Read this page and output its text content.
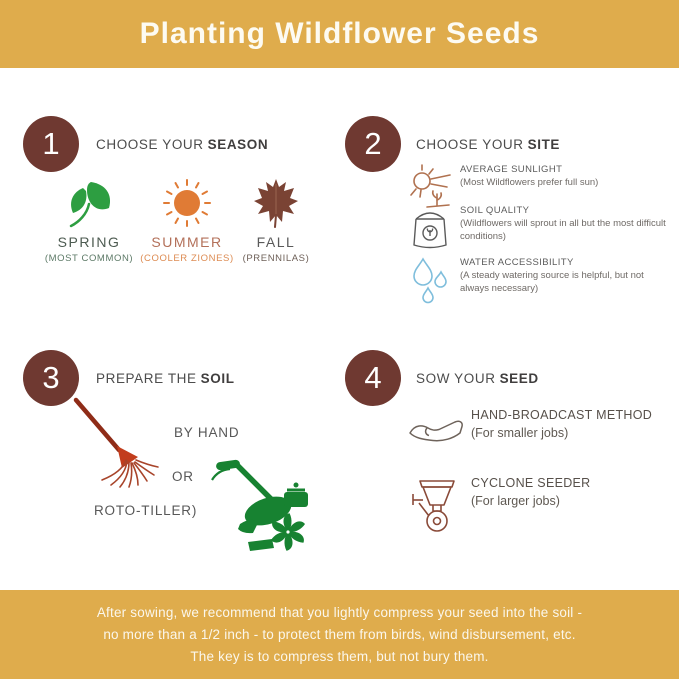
Planting Wildflower Seeds
1	CHOOSE YOUR SEASON
SPRING
(MOST COMMON)
SUMMER
(COOLER ZIONES)
FALL
(PRENNILAS)
2	CHOOSE YOUR SITE
AVERAGE SUNLIGHT
(Most Wildflowers prefer full sun)
SOIL QUALITY
(Wildflowers will sprout in all but the most difficult conditions)
WATER ACCESSIBILITY
(A steady watering source is helpful, but not always necessary)
3	PREPARE THE SOIL
BY HAND
OR
ROTO-TILLER)
4	SOW YOUR SEED
HAND-BROADCAST METHOD
(For smaller jobs)
CYCLONE SEEDER
(For larger jobs)
After sowing, we recommend that you lightly compress your seed into the soil -
no more than a 1/2 inch - to protect them from birds, wind disbursement, etc.
The key is to compress them, but not bury them.
